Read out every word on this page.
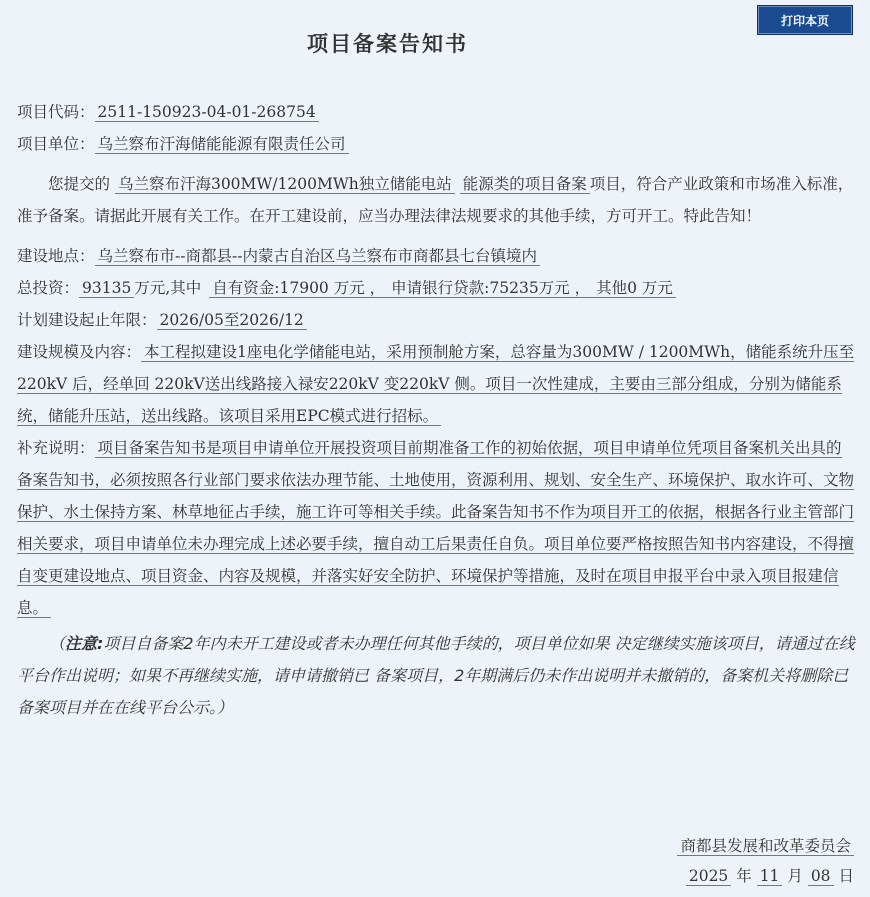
打印本页
项目备案告知书
项目代码： 2511-150923-04-01-268754
项目单位： 乌兰察布汗海储能能源有限责任公司
您提交的 乌兰察布汗海300MW/1200MWh独立储能电站 能源类的项目备案 项目，符合产业政策和市场准入标准，准予备案。请据此开展有关工作。在开工建设前，应当办理法律法规要求的其他手续，方可开工。特此告知！
建设地点： 乌兰察布市--商都县--内蒙古自治区乌兰察布市商都县七台镇境内
总投资： 93135 万元,其中 自有资金:17900 万元 ， 申请银行贷款:75235万元 ， 其他0 万元
计划建设起止年限： 2026/05至2026/12
建设规模及内容： 本工程拟建设1座电化学储能电站，采用预制舱方案，总容量为300MW / 1200MWh，储能系统升压至 220kV 后，经单回 220kV送出线路接入禄安220kV 变220kV 侧。项目一次性建成，主要由三部分组成，分别为储能系统，储能升压站，送出线路。该项目采用EPC模式进行招标。
补充说明： 项目备案告知书是项目申请单位开展投资项目前期准备工作的初始依据，项目申请单位凭项目备案机关出具的备案告知书，必须按照各行业部门要求依法办理节能、土地使用，资源利用、规划、安全生产、环境保护、取水许可、文物保护、水土保持方案、林草地征占手续，施工许可等相关手续。此备案告知书不作为项目开工的依据，根据各行业主管部门相关要求，项目申请单位未办理完成上述必要手续，擅自动工后果责任自负。项目单位要严格按照告知书内容建设，不得擅自变更建设地点、项目资金、内容及规模，并落实好安全防护、环境保护等措施，及时在项目申报平台中录入项目报建信息。
（注意:项目自备案2年内未开工建设或者未办理任何其他手续的，项目单位如果 决定继续实施该项目，请通过在线平台作出说明；如果不再继续实施，请申请撤销已 备案项目，2年期满后仍未作出说明并未撤销的，备案机关将删除已备案项目并在在线平台公示。）
商都县发展和改革委员会
2025 年 11 月 08 日
